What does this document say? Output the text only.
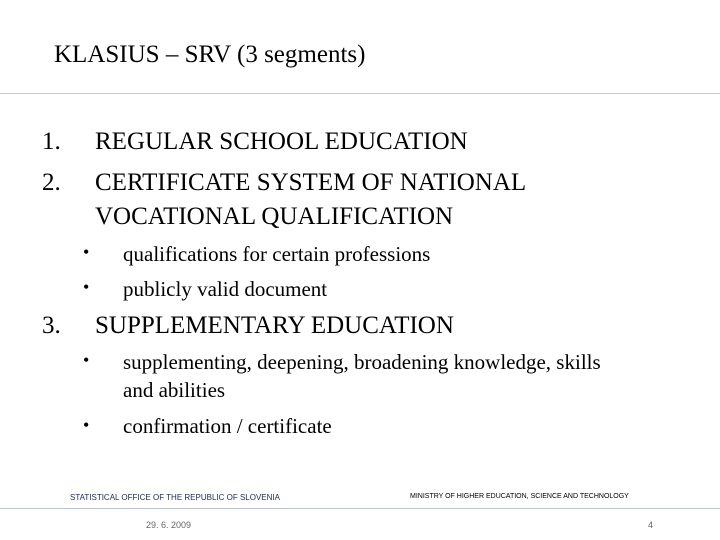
KLASIUS – SRV (3 segments)
1. REGULAR SCHOOL EDUCATION
2. CERTIFICATE SYSTEM OF NATIONAL
VOCATIONAL QUALIFICATION
• qualifications for certain professions
• publicly valid document
3. SUPPLEMENTARY EDUCATION
• supplementing, deepening, broadening knowledge, skills
and abilities
• confirmation / certificate
STATISTICAL OFFICE OF THE REPUBLIC OF SLOVENIA	MINISTRY OF HIGHER EDUCATION, SCIENCE AND TECHNOLOGY
29. 6. 2009	4
